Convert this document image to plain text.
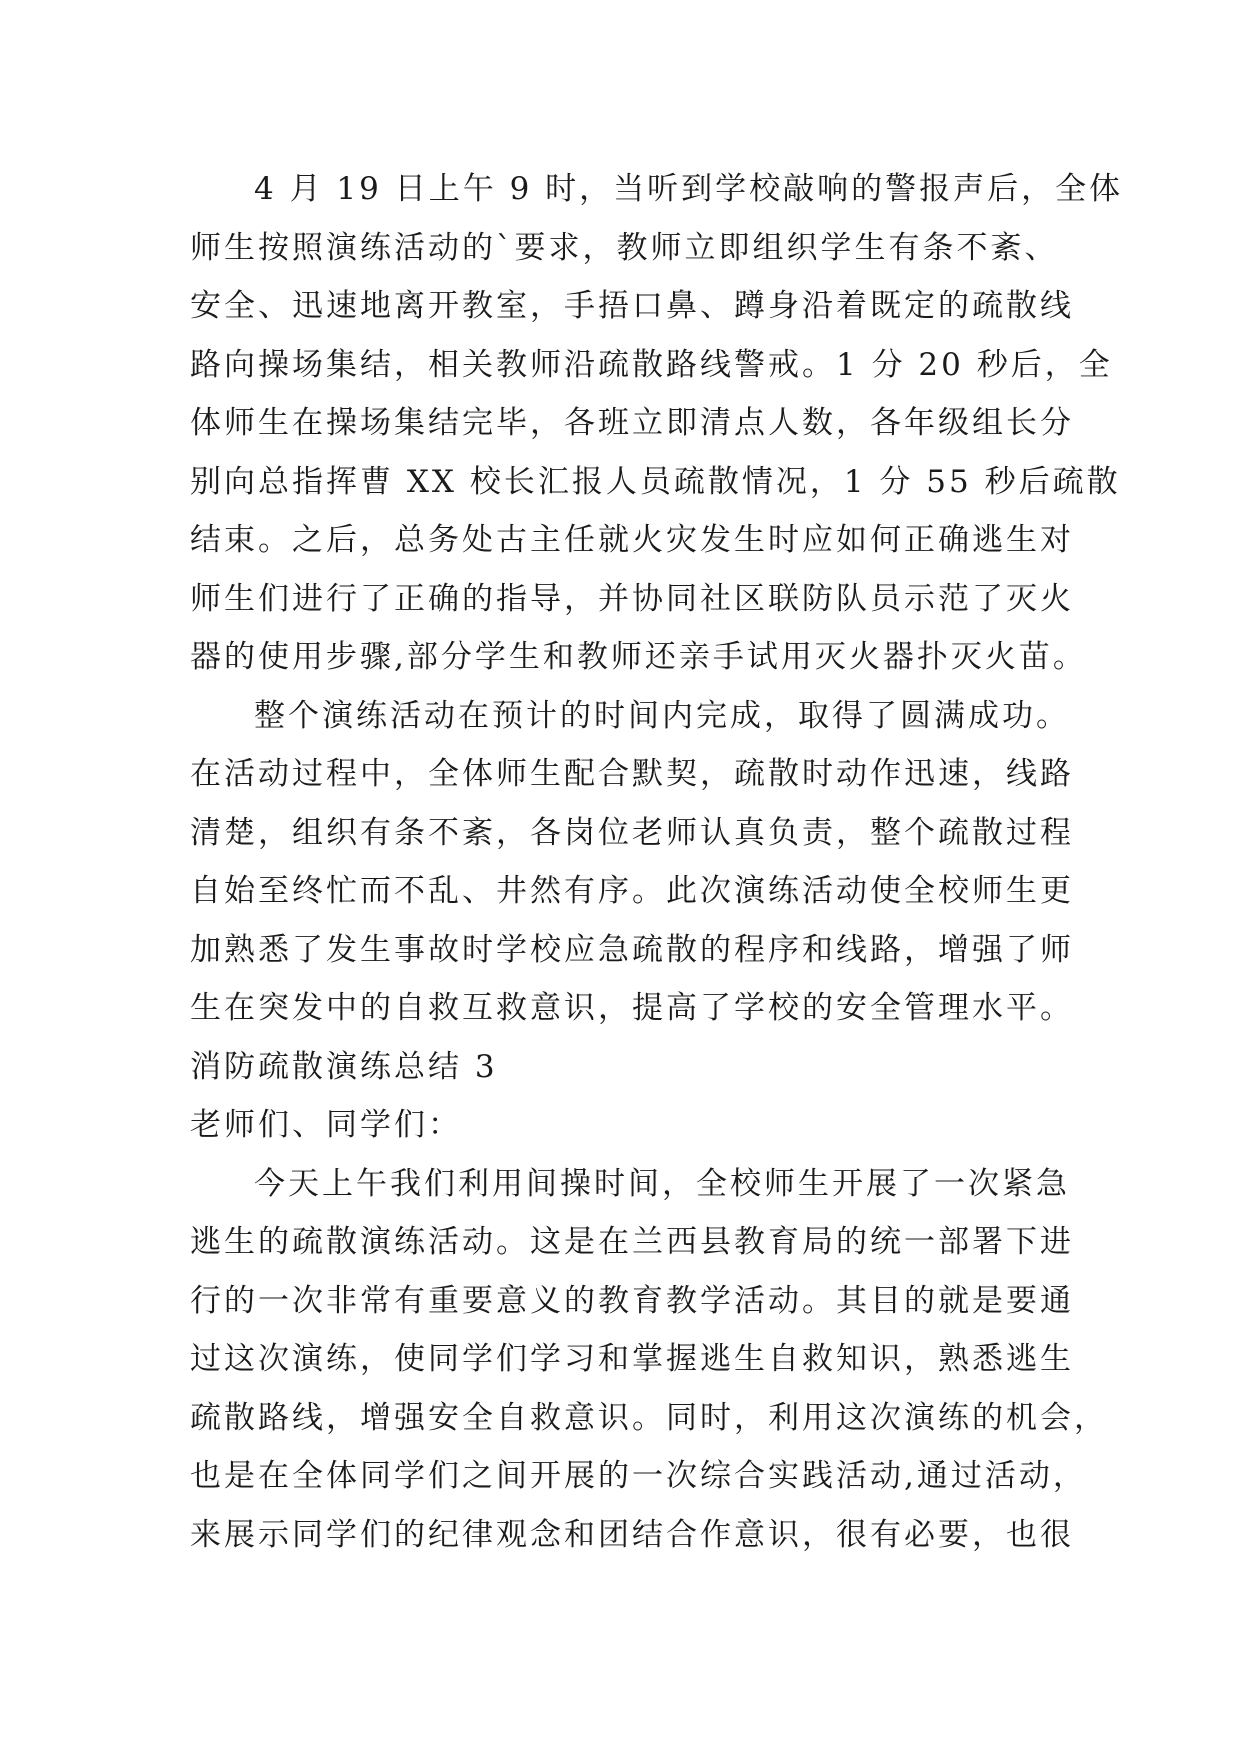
4 月 19 日上午 9 时，当听到学校敲响的警报声后，全体
师生按照演练活动的`要求，教师立即组织学生有条不紊、
安全、迅速地离开教室，手捂口鼻、蹲身沿着既定的疏散线
路向操场集结，相关教师沿疏散路线警戒。1 分 20 秒后，全
体师生在操场集结完毕，各班立即清点人数，各年级组长分
别向总指挥曹 XX 校长汇报人员疏散情况，1 分 55 秒后疏散
结束。之后，总务处古主任就火灾发生时应如何正确逃生对
师生们进行了正确的指导，并协同社区联防队员示范了灭火
器的使用步骤,部分学生和教师还亲手试用灭火器扑灭火苗。
整个演练活动在预计的时间内完成，取得了圆满成功。
在活动过程中，全体师生配合默契，疏散时动作迅速，线路
清楚，组织有条不紊，各岗位老师认真负责，整个疏散过程
自始至终忙而不乱、井然有序。此次演练活动使全校师生更
加熟悉了发生事故时学校应急疏散的程序和线路，增强了师
生在突发中的自救互救意识，提高了学校的安全管理水平。
消防疏散演练总结 3
老师们、同学们：
今天上午我们利用间操时间，全校师生开展了一次紧急
逃生的疏散演练活动。这是在兰西县教育局的统一部署下进
行的一次非常有重要意义的教育教学活动。其目的就是要通
过这次演练，使同学们学习和掌握逃生自救知识，熟悉逃生
疏散路线，增强安全自救意识。同时，利用这次演练的机会，
也是在全体同学们之间开展的一次综合实践活动,通过活动，
来展示同学们的纪律观念和团结合作意识，很有必要，也很
